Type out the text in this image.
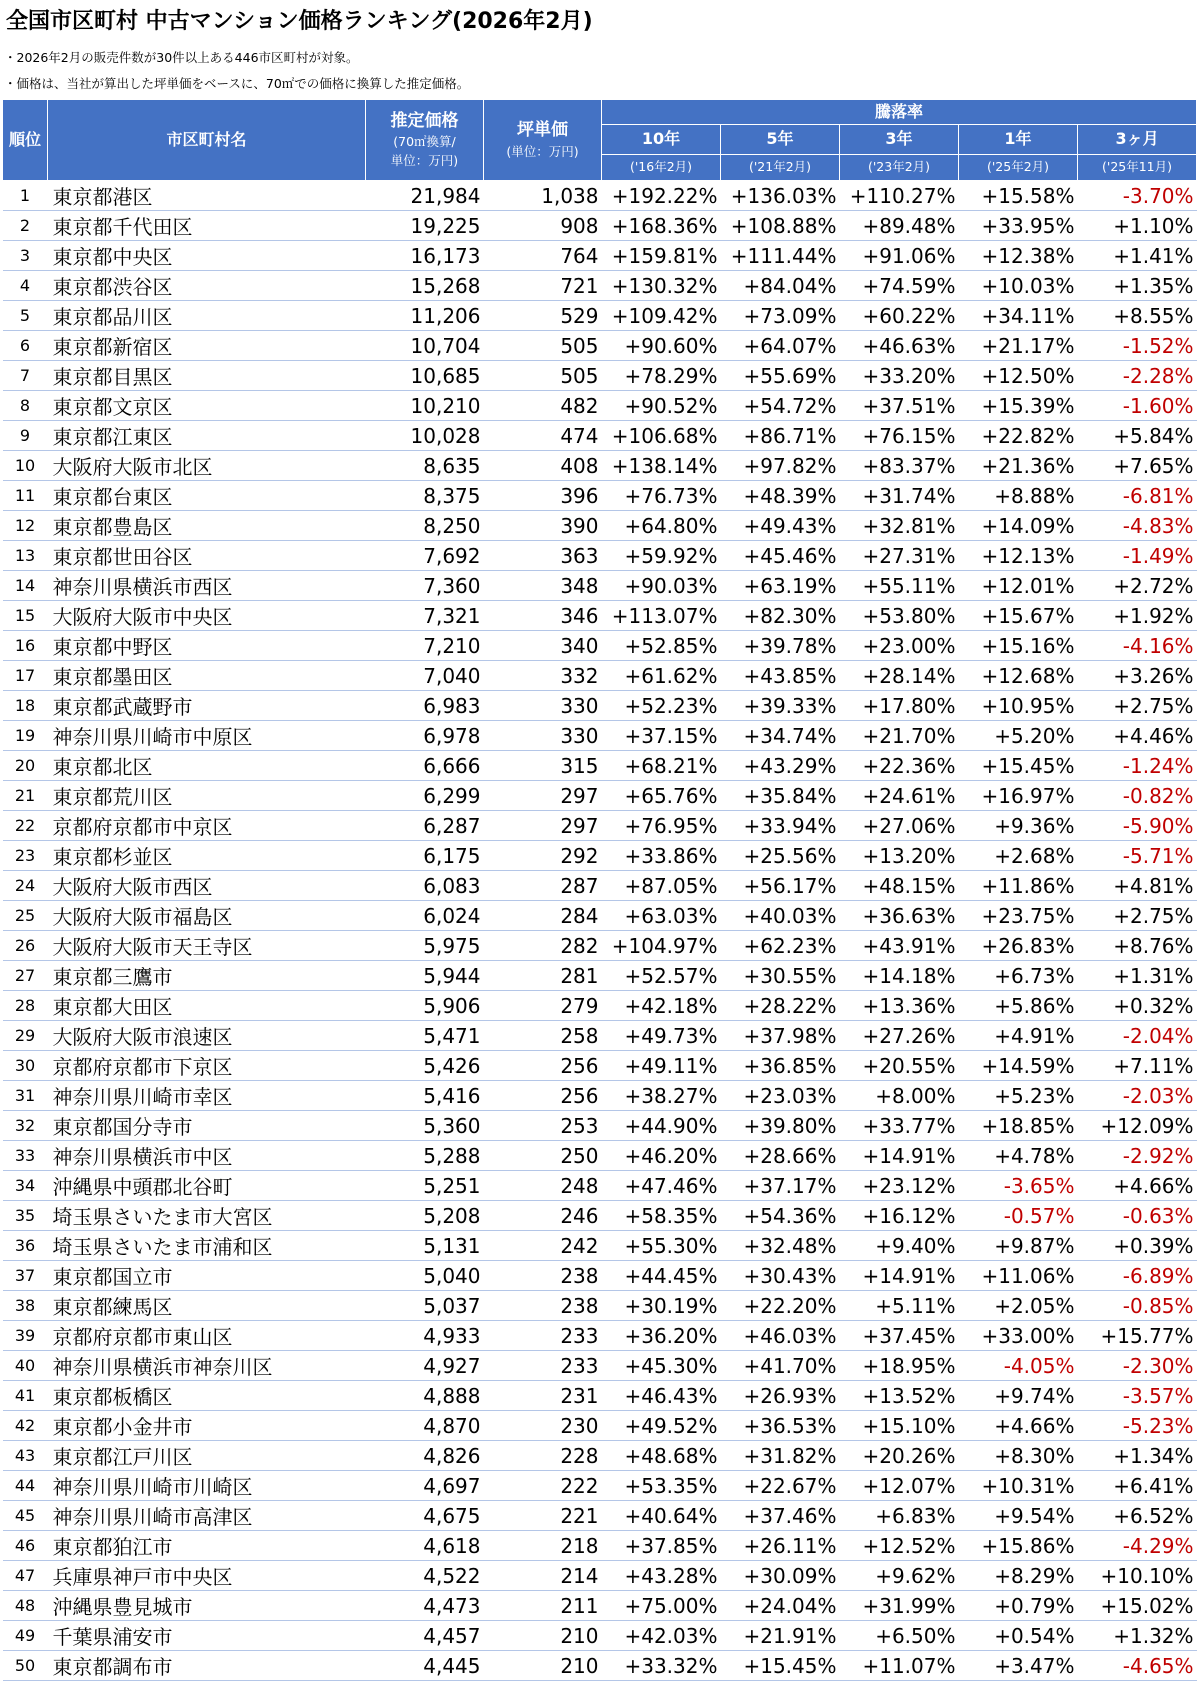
全国市区町村 中古マンション価格ランキング(2026年2月)
・2026年2月の販売件数が30件以上ある446市区町村が対象。
・価格は、当社が算出した坪単価をベースに、70㎡での価格に換算した推定価格。
順位	市区町村名	推定価格
(70㎡換算/
単位：万円)	坪単価
(単位：万円)	騰落率				
				10年	5年	3年	1年	3ヶ月
				('16年2月)	('21年2月)	('23年2月)	('25年2月)	('25年11月)
1	東京都港区	21,984	1,038	+192.22%	+136.03%	+110.27%	+15.58%	-3.70%
2	東京都千代田区	19,225	908	+168.36%	+108.88%	+89.48%	+33.95%	+1.10%
3	東京都中央区	16,173	764	+159.81%	+111.44%	+91.06%	+12.38%	+1.41%
4	東京都渋谷区	15,268	721	+130.32%	+84.04%	+74.59%	+10.03%	+1.35%
5	東京都品川区	11,206	529	+109.42%	+73.09%	+60.22%	+34.11%	+8.55%
6	東京都新宿区	10,704	505	+90.60%	+64.07%	+46.63%	+21.17%	-1.52%
7	東京都目黒区	10,685	505	+78.29%	+55.69%	+33.20%	+12.50%	-2.28%
8	東京都文京区	10,210	482	+90.52%	+54.72%	+37.51%	+15.39%	-1.60%
9	東京都江東区	10,028	474	+106.68%	+86.71%	+76.15%	+22.82%	+5.84%
10	大阪府大阪市北区	8,635	408	+138.14%	+97.82%	+83.37%	+21.36%	+7.65%
11	東京都台東区	8,375	396	+76.73%	+48.39%	+31.74%	+8.88%	-6.81%
12	東京都豊島区	8,250	390	+64.80%	+49.43%	+32.81%	+14.09%	-4.83%
13	東京都世田谷区	7,692	363	+59.92%	+45.46%	+27.31%	+12.13%	-1.49%
14	神奈川県横浜市西区	7,360	348	+90.03%	+63.19%	+55.11%	+12.01%	+2.72%
15	大阪府大阪市中央区	7,321	346	+113.07%	+82.30%	+53.80%	+15.67%	+1.92%
16	東京都中野区	7,210	340	+52.85%	+39.78%	+23.00%	+15.16%	-4.16%
17	東京都墨田区	7,040	332	+61.62%	+43.85%	+28.14%	+12.68%	+3.26%
18	東京都武蔵野市	6,983	330	+52.23%	+39.33%	+17.80%	+10.95%	+2.75%
19	神奈川県川崎市中原区	6,978	330	+37.15%	+34.74%	+21.70%	+5.20%	+4.46%
20	東京都北区	6,666	315	+68.21%	+43.29%	+22.36%	+15.45%	-1.24%
21	東京都荒川区	6,299	297	+65.76%	+35.84%	+24.61%	+16.97%	-0.82%
22	京都府京都市中京区	6,287	297	+76.95%	+33.94%	+27.06%	+9.36%	-5.90%
23	東京都杉並区	6,175	292	+33.86%	+25.56%	+13.20%	+2.68%	-5.71%
24	大阪府大阪市西区	6,083	287	+87.05%	+56.17%	+48.15%	+11.86%	+4.81%
25	大阪府大阪市福島区	6,024	284	+63.03%	+40.03%	+36.63%	+23.75%	+2.75%
26	大阪府大阪市天王寺区	5,975	282	+104.97%	+62.23%	+43.91%	+26.83%	+8.76%
27	東京都三鷹市	5,944	281	+52.57%	+30.55%	+14.18%	+6.73%	+1.31%
28	東京都大田区	5,906	279	+42.18%	+28.22%	+13.36%	+5.86%	+0.32%
29	大阪府大阪市浪速区	5,471	258	+49.73%	+37.98%	+27.26%	+4.91%	-2.04%
30	京都府京都市下京区	5,426	256	+49.11%	+36.85%	+20.55%	+14.59%	+7.11%
31	神奈川県川崎市幸区	5,416	256	+38.27%	+23.03%	+8.00%	+5.23%	-2.03%
32	東京都国分寺市	5,360	253	+44.90%	+39.80%	+33.77%	+18.85%	+12.09%
33	神奈川県横浜市中区	5,288	250	+46.20%	+28.66%	+14.91%	+4.78%	-2.92%
34	沖縄県中頭郡北谷町	5,251	248	+47.46%	+37.17%	+23.12%	-3.65%	+4.66%
35	埼玉県さいたま市大宮区	5,208	246	+58.35%	+54.36%	+16.12%	-0.57%	-0.63%
36	埼玉県さいたま市浦和区	5,131	242	+55.30%	+32.48%	+9.40%	+9.87%	+0.39%
37	東京都国立市	5,040	238	+44.45%	+30.43%	+14.91%	+11.06%	-6.89%
38	東京都練馬区	5,037	238	+30.19%	+22.20%	+5.11%	+2.05%	-0.85%
39	京都府京都市東山区	4,933	233	+36.20%	+46.03%	+37.45%	+33.00%	+15.77%
40	神奈川県横浜市神奈川区	4,927	233	+45.30%	+41.70%	+18.95%	-4.05%	-2.30%
41	東京都板橋区	4,888	231	+46.43%	+26.93%	+13.52%	+9.74%	-3.57%
42	東京都小金井市	4,870	230	+49.52%	+36.53%	+15.10%	+4.66%	-5.23%
43	東京都江戸川区	4,826	228	+48.68%	+31.82%	+20.26%	+8.30%	+1.34%
44	神奈川県川崎市川崎区	4,697	222	+53.35%	+22.67%	+12.07%	+10.31%	+6.41%
45	神奈川県川崎市高津区	4,675	221	+40.64%	+37.46%	+6.83%	+9.54%	+6.52%
46	東京都狛江市	4,618	218	+37.85%	+26.11%	+12.52%	+15.86%	-4.29%
47	兵庫県神戸市中央区	4,522	214	+43.28%	+30.09%	+9.62%	+8.29%	+10.10%
48	沖縄県豊見城市	4,473	211	+75.00%	+24.04%	+31.99%	+0.79%	+15.02%
49	千葉県浦安市	4,457	210	+42.03%	+21.91%	+6.50%	+0.54%	+1.32%
50	東京都調布市	4,445	210	+33.32%	+15.45%	+11.07%	+3.47%	-4.65%
